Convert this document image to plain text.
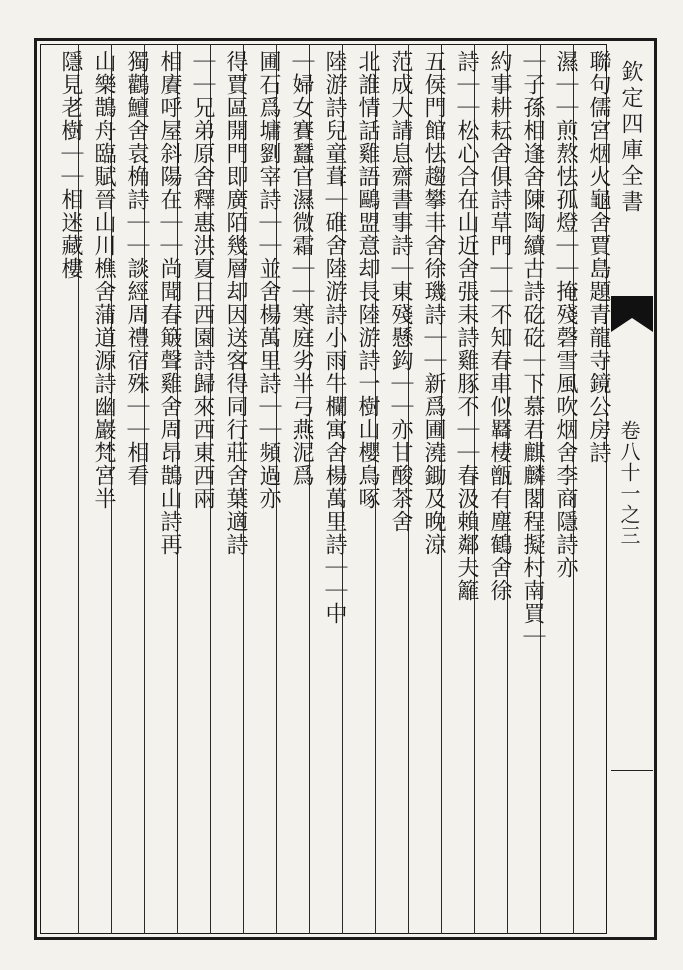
欽定四庫全書
卷八十一之三
聯句儒宮烟火龜舍賈島題青龍寺鏡公房詩
濕｜｜煎熬怯孤燈｜｜掩殘磬雪風吹烟舍李商隱詩亦
｜子孫相逢舍陳陶續古詩矻矻｜下慕君麒麟閣程擬村南買｜
約事耕耘舍俱詩草門｜｜不知春車似羇棲甑有塵鶴舍徐
詩｜｜松心合在山近舍張耒詩雞豚不｜｜春汲賴鄰夫籬
五侯門館怯趨攀丰舍徐璣詩｜｜新爲圃澆鋤及晚涼
范成大請息齋書事詩｜東殘懸鈎｜｜亦甘酸茶舍
北誰情話雞語鷗盟意却長陸游詩一樹山櫻鳥啄
陸游詩兒童葺｜碓舍陸游詩小雨牛欄寓舍楊萬里詩｜｜中
｜婦女賽蠶官濕微霜｜｜寒庭劣半弓燕泥爲
圃石爲墉劉宰詩｜｜並舍楊萬里詩｜｜頻過亦
得賈區開門即廣陌幾層却因送客得同行莊舍葉適詩
｜｜兄弟原舍釋惠洪夏日西園詩歸來西東西兩
相賡呼屋斜陽在｜｜尚聞春簸聲雞舍周昂鵲山詩再
獨鸛鱣舍袁桷詩｜｜談經周禮宿殊｜｜相看
山樂鵲舟臨賦晉山川樵舍蒲道源詩幽巖梵宮半
隱見老樹｜｜相迷藏樓
